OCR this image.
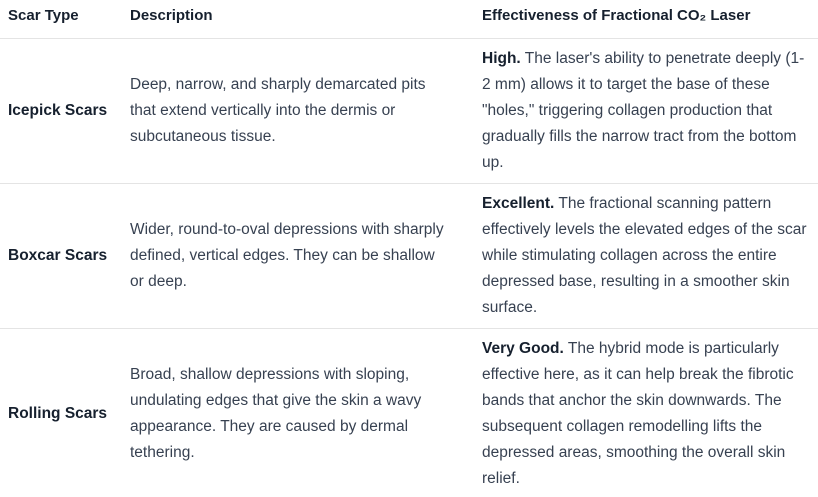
Scar Type	Description	Effectiveness of Fractional CO₂ Laser
Icepick Scars	Deep, narrow, and sharply demarcated pits that extend vertically into the dermis or subcutaneous tissue.	High. The laser's ability to penetrate deeply (1-2 mm) allows it to target the base of these "holes," triggering collagen production that gradually fills the narrow tract from the bottom up.
Boxcar Scars	Wider, round-to-oval depressions with sharply defined, vertical edges. They can be shallow or deep.	Excellent. The fractional scanning pattern effectively levels the elevated edges of the scar while stimulating collagen across the entire depressed base, resulting in a smoother skin surface.
Rolling Scars	Broad, shallow depressions with sloping, undulating edges that give the skin a wavy appearance. They are caused by dermal tethering.	Very Good. The hybrid mode is particularly effective here, as it can help break the fibrotic bands that anchor the skin downwards. The subsequent collagen remodelling lifts the depressed areas, smoothing the overall skin relief.
